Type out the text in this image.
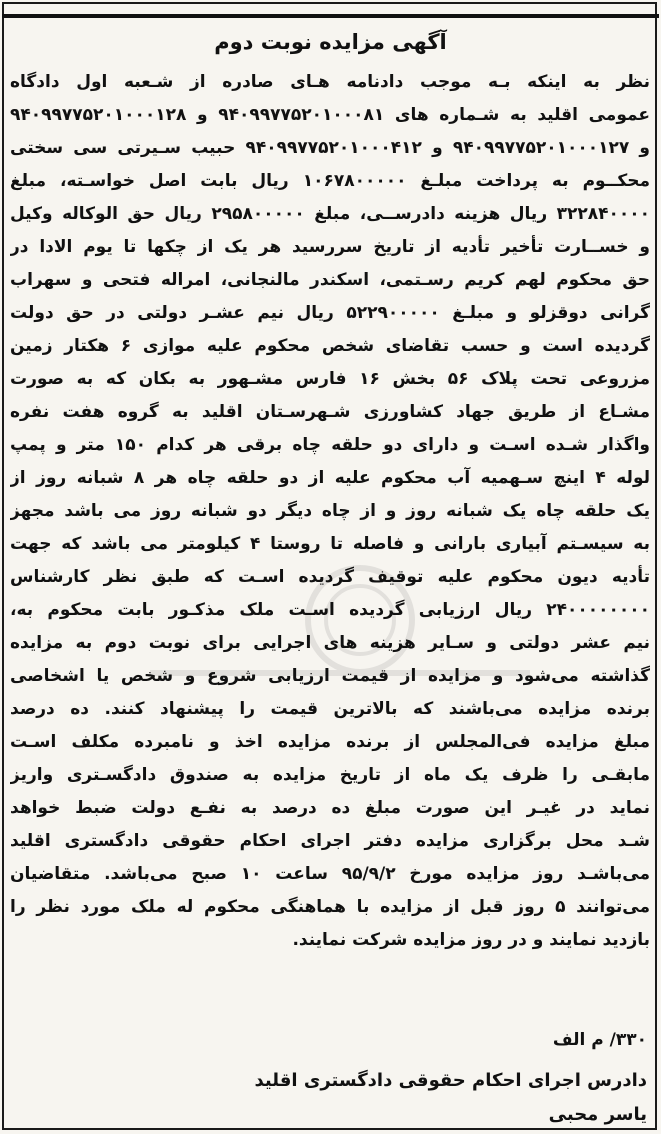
آگهی مزایده نوبت دوم
نظر به اینکه بـه موجب دادنامه هـای صادره از شـعبه اول دادگاه
عمومی اقلید به شـماره های ۹۴۰۹۹۷۷۵۲۰۱۰۰۰۸۱ و ۹۴۰۹۹۷۷۵۲۰۱۰۰۰۱۲۸
و ۹۴۰۹۹۷۷۵۲۰۱۰۰۰۱۲۷ و ۹۴۰۹۹۷۷۵۲۰۱۰۰۰۴۱۲ حبیب سـیرتی سی سختی
محکــوم به پرداخت مبلـغ ۱۰۶۷۸۰۰۰۰۰ ریال بابت اصل خواسـته، مبلغ
۳۲۲۸۴۰۰۰۰ ریال هزینه دادرســی، مبلغ ۲۹۵۸۰۰۰۰۰ ریال حق الوکاله وکیل
و خســارت تأخیر تأدیه از تاریخ سررسید هر یک از چکها تا یوم الادا در
حق محکوم لهم کریم رسـتمی، اسکندر مالنجانی، امراله فتحی و سهراب
گرانی دوقزلو و مبلـغ ۵۲۲۹۰۰۰۰۰ ریال نیم عشـر دولتی در حق دولت
گردیده است و حسب تقاضای شخص محکوم علیه موازی ۶ هکتار زمین
مزروعی تحت پلاک ۵۶ بخش ۱۶ فارس مشـهور به بکان که به صورت
مشـاع از طریق جهاد کشاورزی شـهرسـتان اقلید به گروه هفت نفره
واگذار شـده اسـت و دارای دو حلقه چاه برقی هر کدام ۱۵۰ متر و پمپ
لوله ۴ اینچ سـهمیه آب محکوم علیه از دو حلقه چاه هر ۸ شبانه روز از
یک حلقه چاه یک شبانه روز و از چاه دیگر دو شبانه روز می باشد مجهز
به سیسـتم آبیاری بارانی و فاصله تا روستا ۴ کیلومتر می باشد که جهت
تأدیه دیون محکوم علیه توقیف گردیده اسـت که طبق نظر کارشناس
۲۴۰۰۰۰۰۰۰۰ ریال ارزیابی گردیده اسـت ملک مذکـور بابت محکوم به،
نیم عشر دولتی و سـایر هزینه های اجرایی برای نوبت دوم به مزایده
گذاشته می‌شود و مزایده از قیمت ارزیابی شروع و شخص یا اشخاصی
برنده مزایده می‌باشند که بالاترین قیمت را پیشنهاد کنند. ده درصد
مبلغ مزایده فی‌المجلس از برنده مزایده اخذ و نامبرده مکلف اسـت
مابقـی را ظرف یک ماه از تاریخ مزایده به صندوق دادگسـتری واریز
نماید در غیـر این صورت مبلغ ده درصد به نفـع دولت ضبط خواهد
شـد محل برگزاری مزایده دفتر اجرای احکام حقوقی دادگستری اقلید
می‌باشـد روز مزایده مورخ ۹۵/۹/۲ ساعت ۱۰ صبح می‌باشد. متقاضیان
می‌توانند ۵ روز قبل از مزایده با هماهنگی محکوم له ملک مورد نظر را
بازدید نمایند و در روز مزایده شرکت نمایند.
۳۳۰/ م الف
دادرس اجرای احکام حقوقی دادگستری اقلید
یاسر محبی
